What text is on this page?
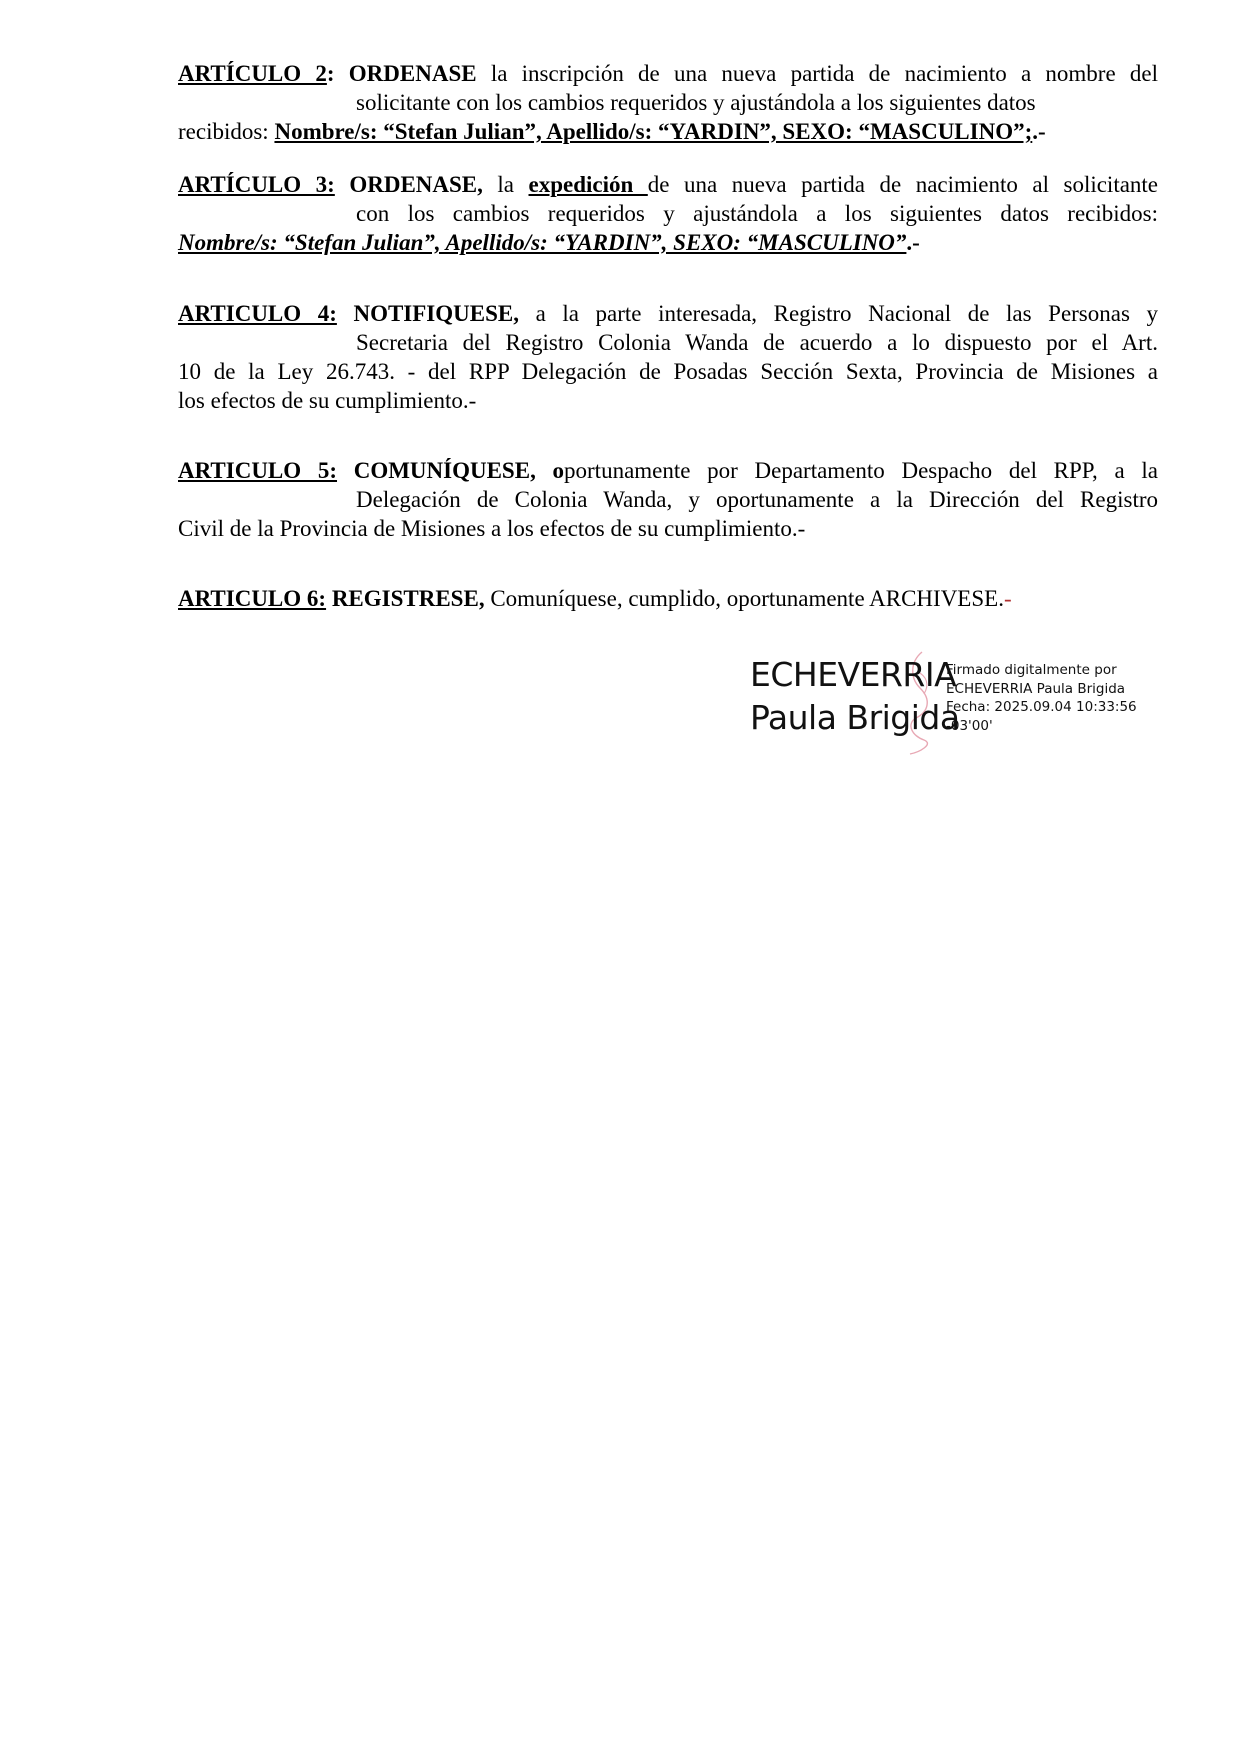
ARTÍCULO 2: ORDENASE la inscripción de una nueva partida de nacimiento a nombre del
solicitante con los cambios requeridos y ajustándola a los siguientes datos
recibidos: Nombre/s: “Stefan Julian”, Apellido/s: “YARDIN”, SEXO: “MASCULINO”;.-
ARTÍCULO 3: ORDENASE, la expedición de una nueva partida de nacimiento al solicitante
con los cambios requeridos y ajustándola a los siguientes datos recibidos:
Nombre/s: “Stefan Julian”, Apellido/s: “YARDIN”, SEXO: “MASCULINO”.-
ARTICULO 4: NOTIFIQUESE, a la parte interesada, Registro Nacional de las Personas y
Secretaria del Registro Colonia Wanda de acuerdo a lo dispuesto por el Art.
10 de la Ley 26.743. - del RPP Delegación de Posadas Sección Sexta, Provincia de Misiones a
los efectos de su cumplimiento.-
ARTICULO 5: COMUNÍQUESE, oportunamente por Departamento Despacho del RPP, a la
Delegación de Colonia Wanda, y oportunamente a la Dirección del Registro
Civil de la Provincia de Misiones a los efectos de su cumplimiento.-
ARTICULO 6: REGISTRESE, Comuníquese, cumplido, oportunamente ARCHIVESE.-
ECHEVERRIA
Paula Brigida
Firmado digitalmente por
ECHEVERRIA Paula Brigida
Fecha: 2025.09.04 10:33:56
-03'00'
